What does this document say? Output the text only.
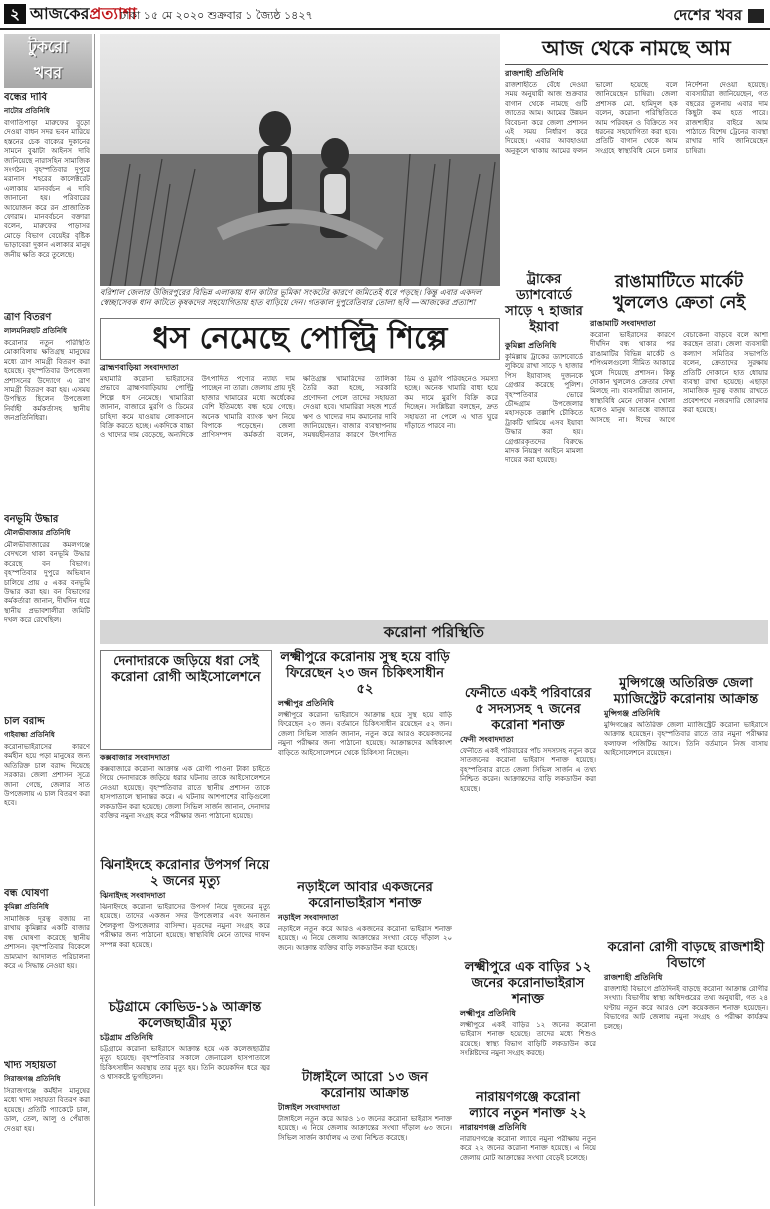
২ আজকেরপ্রত্যাশা
ঢাকা ১৫ মে ২০২০ শুক্রবার ১ জ্যৈষ্ঠ ১৪২৭	দেশের খবর
টুকরো
খবর
বন্ধের দাবি
নাটোর প্রতিনিধি
বাগাতিপাড়া মারুফের বুড়ো দেওয়া বাধন সদর ভবন মারিয়ে হস্তনের চেক বাক্যের দুকানের সামনে বুঝাটা আইনস দাবি জানিয়েছে নারাসহিন সামাজিক সংগঠন। বৃহস্পতিবার দুপুরে মরানাস শহরের কালেক্টরেট এলাকায় মানবর্বচন এ দাবি জানানো হয়। পরিবারের আয়োজন করে রন প্রাজাতিক ফোরাম। মানবর্বচনে বক্তারা বলেন, মারুফের পাড়াসর মোড়ে বিভাগ বেয়েইর বৃষ্টিক ভাড়াবেরা দুকান এলাকার মানুষ জনীয় ক্ষতি করে তুলেছে।
ত্রাণ বিতরণ
লালমনিরহাট প্রতিনিধি
করোনার নতুন পরিস্থিতি মোকাবিলায় ক্ষতিগ্রস্থ মানুষের মধ্যে ত্রাণ সামগ্রী বিতরণ করা হয়েছে। বৃহস্পতিবার উপজেলা প্রশাসনের উদ্যোগে এ ত্রাণ সামগ্রী বিতরণ করা হয়। এসময় উপস্থিত ছিলেন উপজেলা নির্বাহী কর্মকর্তাসহ স্থানীয় জনপ্রতিনিধিরা।
বনভূমি উদ্ধার
মৌলভীবাজার প্রতিনিধি
মৌলভীবাজারের কমলগঞ্জে বেদখলে থাকা বনভূমি উদ্ধার করেছে বন বিভাগ। বৃহস্পতিবার দুপুরে অভিযান চালিয়ে প্রায় ৫ একর বনভূমি উদ্ধার করা হয়। বন বিভাগের কর্মকর্তারা জানান, দীর্ঘদিন ধরে স্থানীয় প্রভাবশালীরা জমিটি দখল করে রেখেছিল।
চাল বরাদ্দ
গাইবান্ধা প্রতিনিধি
করোনাভাইরাসের কারণে কর্মহীন হয়ে পড়া মানুষের জন্য অতিরিক্ত চাল বরাদ্দ দিয়েছে সরকার। জেলা প্রশাসন সূত্রে জানা গেছে, জেলার সাত উপজেলায় এ চাল বিতরণ করা হবে।
বন্ধ ঘোষণা
কুমিল্লা প্রতিনিধি
সামাজিক দূরত্ব বজায় না রাখায় কুমিল্লার একটি বাজার বন্ধ ঘোষণা করেছে স্থানীয় প্রশাসন। বৃহস্পতিবার বিকেলে ভ্রাম্যমাণ আদালত পরিচালনা করে এ সিদ্ধান্ত নেওয়া হয়।
খাদ্য সহায়তা
সিরাজগঞ্জ প্রতিনিধি
সিরাজগঞ্জে কর্মহীন মানুষের মধ্যে খাদ্য সহায়তা বিতরণ করা হয়েছে। প্রতিটি প্যাকেটে চাল, ডাল, তেল, আলু ও পেঁয়াজ দেওয়া হয়।
বরিশাল জেলার উজিরপুরের বিভিন্ন এলাকায় ধান কাটার ভূমিকা সংকটের কারণে জমিতেই ধরে পড়ছে। কিন্তু এবার একদল স্বেচ্ছাসেবক ধান কাটতে কৃষকদের সহযোগিতায় হাত বাড়িয়ে দেন। গতকাল দুপুরেতিবার তোলা ছবি —আজকের প্রত্যাশা
আজ থেকে নামছে আম
রাজশাহী প্রতিনিধি
রাজশাহীতে বেঁধে দেওয়া সময় অনুযায়ী আজ শুক্রবার বাগান থেকে নামছে গুটি জাতের আম। আমের উন্নয়ন বিবেচনা করে জেলা প্রশাসন এই সময় নির্ধারণ করে দিয়েছে। এবার আবহাওয়া অনুকূলে থাকায় আমের ফলন ভালো হয়েছে বলে জানিয়েছেন চাষিরা। জেলা প্রশাসক মো. হামিদুল হক বলেন, করোনা পরিস্থিতিতে আম পরিবহন ও বিক্রিতে সব ধরনের সহযোগিতা করা হবে। প্রতিটি বাগান থেকে আম সংগ্রহে স্বাস্থ্যবিধি মেনে চলার নির্দেশনা দেওয়া হয়েছে। ব্যবসায়ীরা জানিয়েছেন, গত বছরের তুলনায় এবার দাম কিছুটা কম হতে পারে। রাজশাহীর বাইরে আম পাঠাতে বিশেষ ট্রেনের ব্যবস্থা রাখার দাবি জানিয়েছেন চাষিরা।
ট্রাকের ড্যাশবোর্ডে সাড়ে ৭ হাজার ইয়াবা
কুমিল্লা প্রতিনিধি
কুমিল্লায় ট্রাকের ড্যাশবোর্ডে লুকিয়ে রাখা সাড়ে ৭ হাজার পিস ইয়াবাসহ দুজনকে গ্রেপ্তার করেছে পুলিশ। বৃহস্পতিবার ভোরে চৌদ্দগ্রাম উপজেলার মহাসড়কে তল্লাশি চৌকিতে ট্রাকটি থামিয়ে এসব ইয়াবা উদ্ধার করা হয়। গ্রেপ্তারকৃতদের বিরুদ্ধে মাদক নিয়ন্ত্রণ আইনে মামলা দায়ের করা হয়েছে।
রাঙামাটিতে মার্কেট খুললেও ক্রেতা নেই
রাঙামাটি সংবাদদাতা
করোনা ভাইরাসের কারণে দীর্ঘদিন বন্ধ থাকার পর রাঙামাটির বিভিন্ন মার্কেট ও শপিংমলগুলো সীমিত আকারে খুলে দিয়েছে প্রশাসন। কিন্তু দোকান খুললেও ক্রেতার দেখা মিলছে না। ব্যবসায়ীরা জানান, স্বাস্থ্যবিধি মেনে দোকান খোলা হলেও মানুষ আতঙ্কে বাজারে আসছে না। ঈদের আগে বেচাকেনা বাড়বে বলে আশা করছেন তারা। জেলা ব্যবসায়ী কল্যাণ সমিতির সভাপতি বলেন, ক্রেতাদের সুরক্ষায় প্রতিটি দোকানে হাত ধোয়ার ব্যবস্থা রাখা হয়েছে। এছাড়া সামাজিক দূরত্ব বজায় রাখতে প্রবেশপথে নজরদারি জোরদার করা হয়েছে।
ধস নেমেছে পোল্ট্রি শিল্পে
ব্রাহ্মণবাড়িয়া সংবাদদাতা
মহামারি করোনা ভাইরাসের প্রভাবে ব্রাহ্মণবাড়িয়ায় পোল্ট্রি শিল্পে ধস নেমেছে। খামারিরা জানান, বাজারে মুরগি ও ডিমের চাহিদা কমে যাওয়ায় লোকসানে বিক্রি করতে হচ্ছে। একদিকে বাচ্চা ও খাদ্যের দাম বেড়েছে, অন্যদিকে উৎপাদিত পণ্যের ন্যায্য দাম পাচ্ছেন না তারা। জেলায় প্রায় দুই হাজার খামারের মধ্যে অর্ধেকের বেশি ইতিমধ্যে বন্ধ হয়ে গেছে। অনেক খামারি ব্যাংক ঋণ নিয়ে বিপাকে পড়েছেন। জেলা প্রাণিসম্পদ কর্মকর্তা বলেন, ক্ষতিগ্রস্ত খামারিদের তালিকা তৈরি করা হচ্ছে, সরকারি প্রণোদনা পেলে তাদের সহায়তা দেওয়া হবে। খামারিরা সহজ শর্তে ঋণ ও খাদ্যের দাম কমানোর দাবি জানিয়েছেন। বাজার ব্যবস্থাপনায় সমন্বয়হীনতার কারণে উৎপাদিত ডিম ও মুরগি পরিবহনেও সমস্যা হচ্ছে। অনেক খামারি বাধ্য হয়ে কম দামে মুরগি বিক্রি করে দিচ্ছেন। সংশ্লিষ্টরা বলছেন, দ্রুত সহায়তা না পেলে এ খাত ঘুরে দাঁড়াতে পারবে না।
করোনা পরিস্থিতি
দেনাদারকে জড়িয়ে ধরা সেই করোনা রোগী আইসোলেশনে
কক্সবাজার সংবাদদাতা
কক্সবাজারে করোনা আক্রান্ত এক রোগী পাওনা টাকা চাইতে গিয়ে দেনাদারকে জড়িয়ে ধরার ঘটনায় তাকে আইসোলেশনে নেওয়া হয়েছে। বৃহস্পতিবার রাতে স্থানীয় প্রশাসন তাকে হাসপাতালে স্থানান্তর করে। এ ঘটনায় আশপাশের বাড়িগুলো লকডাউন করা হয়েছে। জেলা সিভিল সার্জন জানান, দেনাদার ব্যক্তির নমুনা সংগ্রহ করে পরীক্ষার জন্য পাঠানো হয়েছে।
ঝিনাইদহে করোনার উপসর্গ নিয়ে ২ জনের মৃত্যু
ঝিনাইদহ সংবাদদাতা
ঝিনাইদহে করোনা ভাইরাসের উপসর্গ নিয়ে দুজনের মৃত্যু হয়েছে। তাদের একজন সদর উপজেলার এবং অন্যজন শৈলকুপা উপজেলার বাসিন্দা। মৃতদের নমুনা সংগ্রহ করে পরীক্ষার জন্য পাঠানো হয়েছে। স্বাস্থ্যবিধি মেনে তাদের দাফন সম্পন্ন করা হয়েছে।
চট্টগ্রামে কোভিড-১৯ আক্রান্ত কলেজছাত্রীর মৃত্যু
চট্টগ্রাম প্রতিনিধি
চট্টগ্রামে করোনা ভাইরাসে আক্রান্ত হয়ে এক কলেজছাত্রীর মৃত্যু হয়েছে। বৃহস্পতিবার সকালে জেনারেল হাসপাতালে চিকিৎসাধীন অবস্থায় তার মৃত্যু হয়। তিনি কয়েকদিন ধরে জ্বর ও শ্বাসকষ্টে ভুগছিলেন।
লক্ষ্মীপুরে করোনায় সুস্থ হয়ে বাড়ি ফিরেছেন ২৩ জন চিকিৎসাধীন ৫২
লক্ষ্মীপুর প্রতিনিধি
লক্ষ্মীপুরে করোনা ভাইরাসে আক্রান্ত হয়ে সুস্থ হয়ে বাড়ি ফিরেছেন ২৩ জন। বর্তমানে চিকিৎসাধীন রয়েছেন ৫২ জন। জেলা সিভিল সার্জন জানান, নতুন করে আরও কয়েকজনের নমুনা পরীক্ষার জন্য পাঠানো হয়েছে। আক্রান্তদের অধিকাংশ বাড়িতে আইসোলেশনে থেকে চিকিৎসা নিচ্ছেন।
নড়াইলে আবার একজনের করোনাভাইরাস শনাক্ত
নড়াইল সংবাদদাতা
নড়াইলে নতুন করে আরও একজনের করোনা ভাইরাস শনাক্ত হয়েছে। এ নিয়ে জেলায় আক্রান্তের সংখ্যা বেড়ে দাঁড়াল ২০ জনে। আক্রান্ত ব্যক্তির বাড়ি লকডাউন করা হয়েছে।
টাঙ্গাইলে আরো ১৩ জন করোনায় আক্রান্ত
টাঙ্গাইল সংবাদদাতা
টাঙ্গাইলে নতুন করে আরও ১৩ জনের করোনা ভাইরাস শনাক্ত হয়েছে। এ নিয়ে জেলায় আক্রান্তের সংখ্যা দাঁড়াল ৬৩ জনে। সিভিল সার্জন কার্যালয় এ তথ্য নিশ্চিত করেছে।
ফেনীতে একই পরিবারের ৫ সদস্যসহ ৭ জনের করোনা শনাক্ত
ফেনী সংবাদদাতা
ফেনীতে একই পরিবারের পাঁচ সদস্যসহ নতুন করে সাতজনের করোনা ভাইরাস শনাক্ত হয়েছে। বৃহস্পতিবার রাতে জেলা সিভিল সার্জন এ তথ্য নিশ্চিত করেন। আক্রান্তদের বাড়ি লকডাউন করা হয়েছে।
লক্ষ্মীপুরে এক বাড়ির ১২ জনের করোনাভাইরাস শনাক্ত
লক্ষ্মীপুর প্রতিনিধি
লক্ষ্মীপুরে একই বাড়ির ১২ জনের করোনা ভাইরাস শনাক্ত হয়েছে। তাদের মধ্যে শিশুও রয়েছে। স্বাস্থ্য বিভাগ বাড়িটি লকডাউন করে সংশ্লিষ্টদের নমুনা সংগ্রহ করছে।
নারায়ণগঞ্জে করোনা ল্যাবে নতুন শনাক্ত ২২
নারায়ণগঞ্জ প্রতিনিধি
নারায়ণগঞ্জে করোনা ল্যাবে নমুনা পরীক্ষায় নতুন করে ২২ জনের করোনা শনাক্ত হয়েছে। এ নিয়ে জেলায় মোট আক্রান্তের সংখ্যা বেড়েই চলেছে।
মুন্সিগঞ্জে অতিরিক্ত জেলা ম্যাজিস্ট্রেট করোনায় আক্রান্ত
মুন্সিগঞ্জ প্রতিনিধি
মুন্সিগঞ্জের অতিরিক্ত জেলা ম্যাজিস্ট্রেট করোনা ভাইরাসে আক্রান্ত হয়েছেন। বৃহস্পতিবার রাতে তার নমুনা পরীক্ষার ফলাফল পজিটিভ আসে। তিনি বর্তমানে নিজ বাসায় আইসোলেশনে রয়েছেন।
করোনা রোগী বাড়ছে রাজশাহী বিভাগে
রাজশাহী প্রতিনিধি
রাজশাহী বিভাগে প্রতিদিনই বাড়ছে করোনা আক্রান্ত রোগীর সংখ্যা। বিভাগীয় স্বাস্থ্য অধিদপ্তরের তথ্য অনুযায়ী, গত ২৪ ঘণ্টায় নতুন করে আরও বেশ কয়েকজন শনাক্ত হয়েছেন। বিভাগের আট জেলায় নমুনা সংগ্রহ ও পরীক্ষা কার্যক্রম চলছে।
